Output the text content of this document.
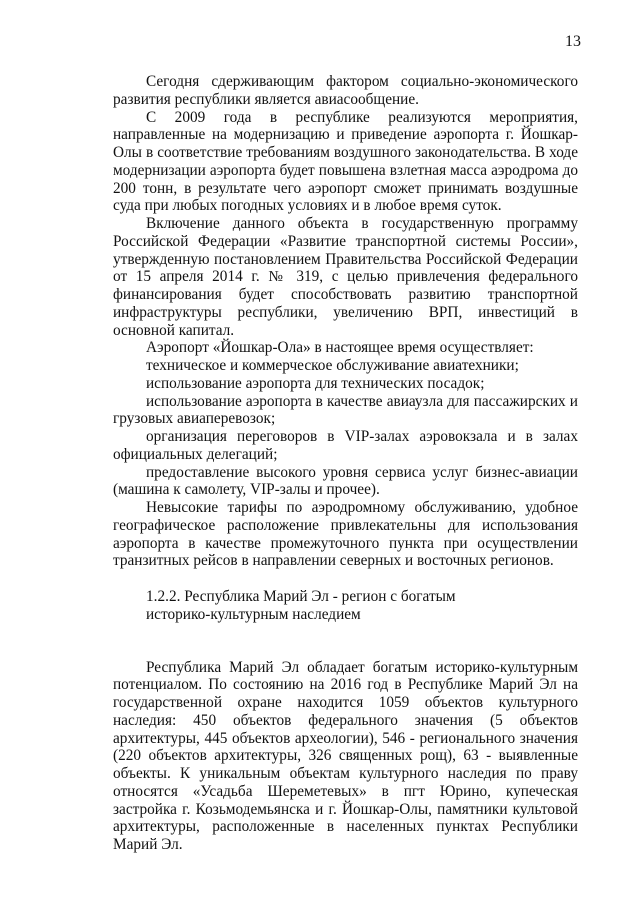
13

Сегодня сдерживающим фактором социально-экономического развития республики является авиасообщение.

С 2009 года в республике реализуются мероприятия, направленные на модернизацию и приведение аэропорта г. Йошкар-Олы в соответствие требованиям воздушного законодательства. В ходе модернизации аэропорта будет повышена взлетная масса аэродрома до 200 тонн, в результате чего аэропорт сможет принимать воздушные суда при любых погодных условиях и в любое время суток.

Включение данного объекта в государственную программу Российской Федерации «Развитие транспортной системы России», утвержденную постановлением Правительства Российской Федерации от 15 апреля 2014 г. № 319, с целью привлечения федерального финансирования будет способствовать развитию транспортной инфраструктуры республики, увеличению ВРП, инвестиций в основной капитал.

Аэропорт «Йошкар-Ола» в настоящее время осуществляет:

техническое и коммерческое обслуживание авиатехники;

использование аэропорта для технических посадок;

использование аэропорта в качестве авиаузла для пассажирских и грузовых авиаперевозок;

организация переговоров в VIP-залах аэровокзала и в залах официальных делегаций;

предоставление высокого уровня сервиса услуг бизнес-авиации (машина к самолету, VIP-залы и прочее).

Невысокие тарифы по аэродромному обслуживанию, удобное географическое расположение привлекательны для использования аэропорта в качестве промежуточного пункта при осуществлении транзитных рейсов в направлении северных и восточных регионов.

1.2.2. Республика Марий Эл - регион с богатым

историко-культурным наследием

Республика Марий Эл обладает богатым историко-культурным потенциалом. По состоянию на 2016 год в Республике Марий Эл на государственной охране находится 1059 объектов культурного наследия: 450 объектов федерального значения (5 объектов архитектуры, 445 объектов археологии), 546 - регионального значения (220 объектов архитектуры, 326 священных рощ), 63 - выявленные объекты. К уникальным объектам культурного наследия по праву относятся «Усадьба Шереметевых» в пгт Юрино, купеческая застройка г. Козьмодемьянска и г. Йошкар-Олы, памятники культовой архитектуры, расположенные в населенных пунктах Республики Марий Эл.
